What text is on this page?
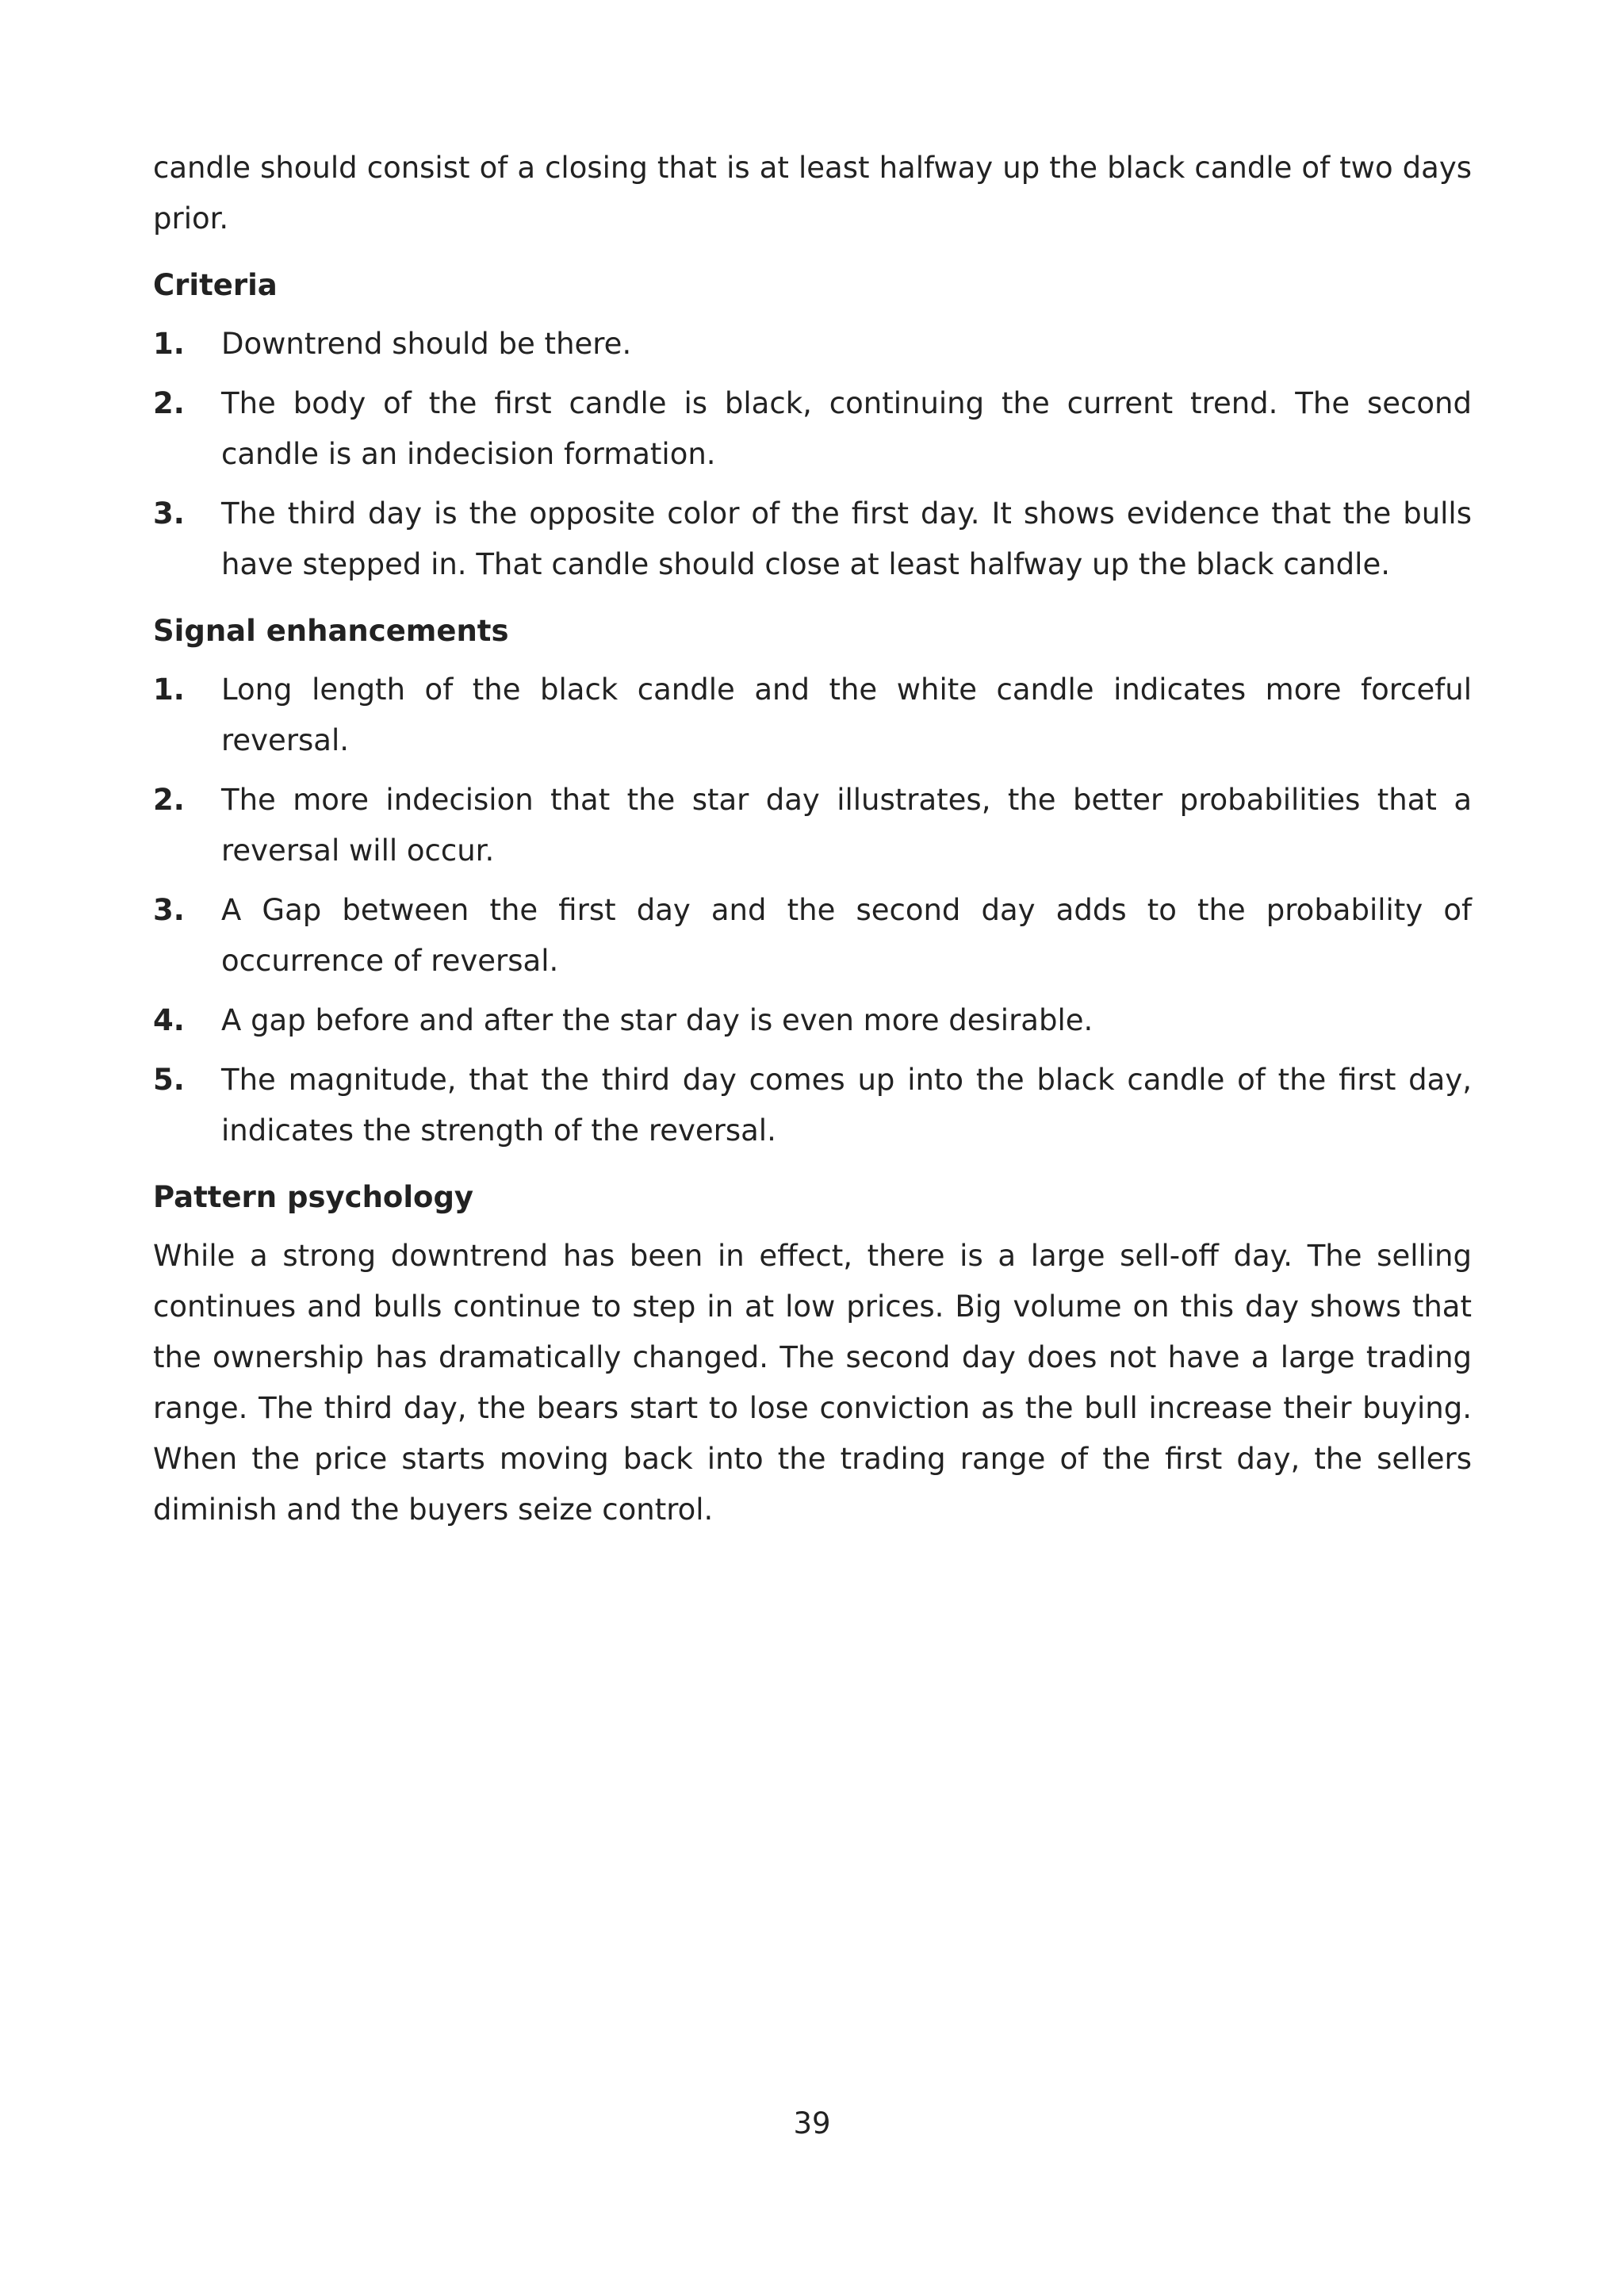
candle should consist of a closing that is at least halfway up the black candle of two days prior.

Criteria
1.	Downtrend should be there.
2.	The body of the first candle is black, continuing the current trend. The second candle is an indecision formation.
3.	The third day is the opposite color of the first day. It shows evidence that the bulls have stepped in. That candle should close at least halfway up the black candle.
Signal enhancements
1.	Long length of the black candle and the white candle indicates more forceful reversal.
2.	The more indecision that the star day illustrates, the better probabilities that a reversal will occur.
3.	A Gap between the first day and the second day adds to the probability of occurrence of reversal.
4.	A gap before and after the star day is even more desirable.
5.	The magnitude, that the third day comes up into the black candle of the first day, indicates the strength of the reversal.
Pattern psychology

While a strong downtrend has been in effect, there is a large sell-off day. The selling continues and bulls continue to step in at low prices. Big volume on this day shows that the ownership has dramatically changed. The second day does not have a large trading range. The third day, the bears start to lose conviction as the bull increase their buying. When the price starts moving back into the trading range of the first day, the sellers diminish and the buyers seize control.

39
